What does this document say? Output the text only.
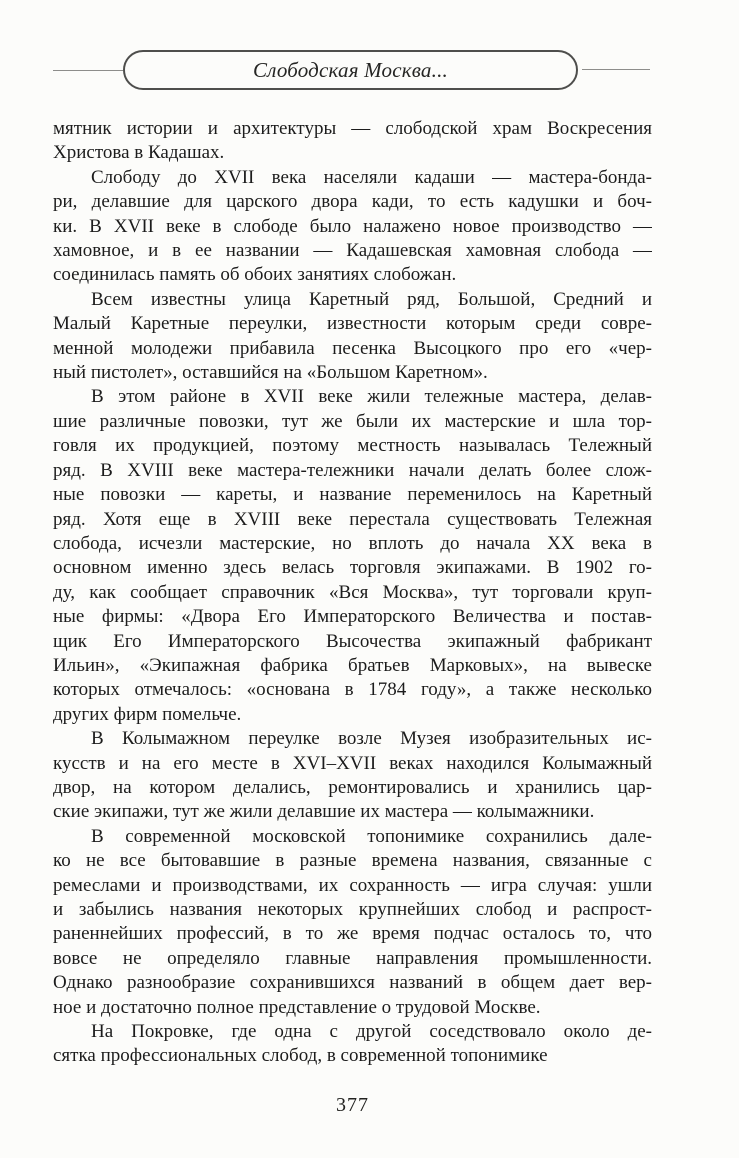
Слободская Москва...
мятник истории и архитектуры — слободской храм Воскресения
Христова в Кадашах.
Слободу до XVII века населяли кадаши — мастера-бонда-
ри, делавшие для царского двора кади, то есть кадушки и боч-
ки. В XVII веке в слободе было налажено новое производство —
хамовное, и в ее названии — Кадашевская хамовная слобода —
соединилась память об обоих занятиях слобожан.
Всем известны улица Каретный ряд, Большой, Средний и
Малый Каретные переулки, известности которым среди совре-
менной молодежи прибавила песенка Высоцкого про его «чер-
ный пистолет», оставшийся на «Большом Каретном».
В этом районе в XVII веке жили тележные мастера, делав-
шие различные повозки, тут же были их мастерские и шла тор-
говля их продукцией, поэтому местность называлась Тележный
ряд. В XVIII веке мастера-тележники начали делать более слож-
ные повозки — кареты, и название переменилось на Каретный
ряд. Хотя еще в XVIII веке перестала существовать Тележная
слобода, исчезли мастерские, но вплоть до начала XX века в
основном именно здесь велась торговля экипажами. В 1902 го-
ду, как сообщает справочник «Вся Москва», тут торговали круп-
ные фирмы: «Двора Его Императорского Величества и постав-
щик Его Императорского Высочества экипажный фабрикант
Ильин», «Экипажная фабрика братьев Марковых», на вывеске
которых отмечалось: «основана в 1784 году», а также несколько
других фирм помельче.
В Колымажном переулке возле Музея изобразительных ис-
кусств и на его месте в XVI–XVII веках находился Колымажный
двор, на котором делались, ремонтировались и хранились цар-
ские экипажи, тут же жили делавшие их мастера — колымажники.
В современной московской топонимике сохранились дале-
ко не все бытовавшие в разные времена названия, связанные с
ремеслами и производствами, их сохранность — игра случая: ушли
и забылись названия некоторых крупнейших слобод и распрост-
раненнейших профессий, в то же время подчас осталось то, что
вовсе не определяло главные направления промышленности.
Однако разнообразие сохранившихся названий в общем дает вер-
ное и достаточно полное представление о трудовой Москве.
На Покровке, где одна с другой соседствовало около де-
сятка профессиональных слобод, в современной топонимике
377
